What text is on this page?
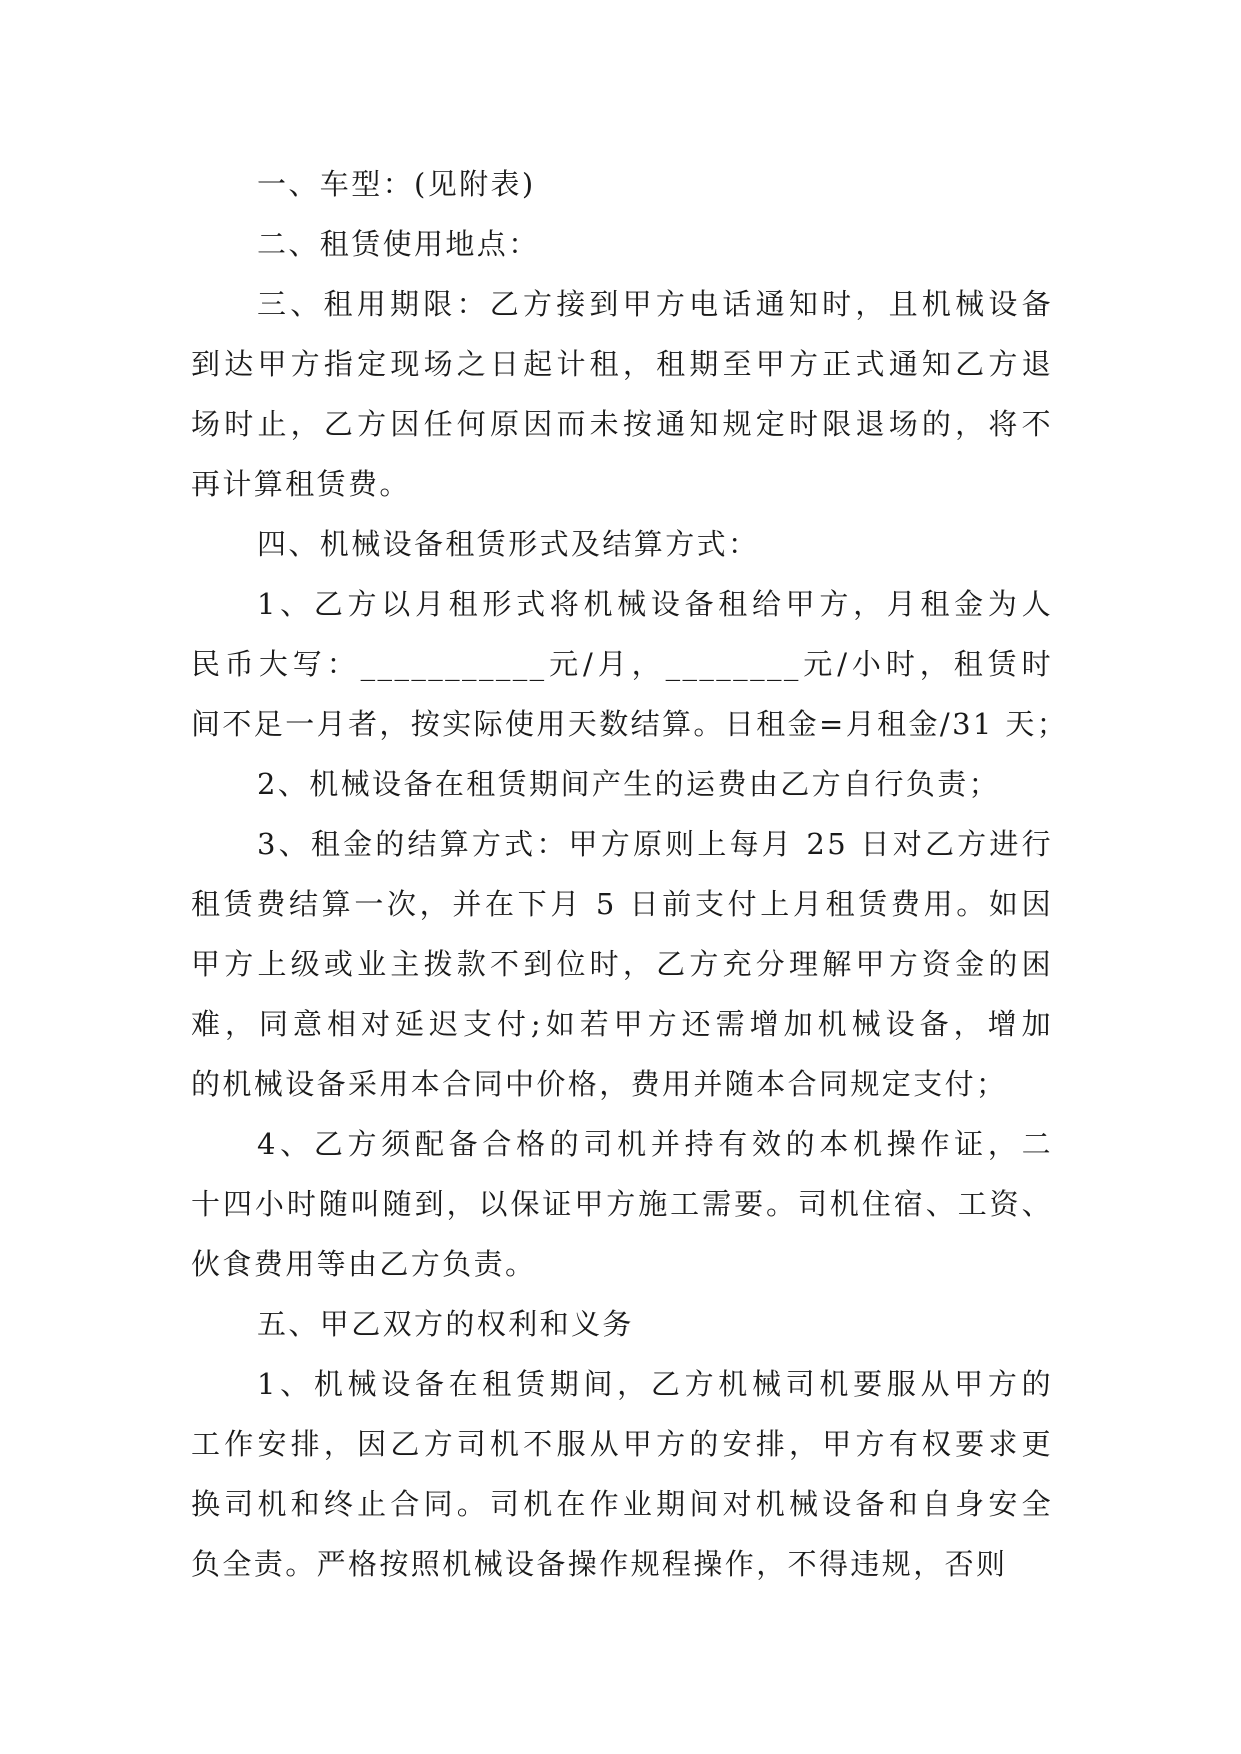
一、车型：(见附表)
二、租赁使用地点：
三、租用期限：乙方接到甲方电话通知时，且机械设备
到达甲方指定现场之日起计租，租期至甲方正式通知乙方退
场时止，乙方因任何原因而未按通知规定时限退场的，将不
再计算租赁费。
四、机械设备租赁形式及结算方式：
1、乙方以月租形式将机械设备租给甲方，月租金为人
民币大写：___________元/月，________元/小时，租赁时
间不足一月者，按实际使用天数结算。日租金=月租金/31 天；
2、机械设备在租赁期间产生的运费由乙方自行负责；
3、租金的结算方式：甲方原则上每月 25 日对乙方进行
租赁费结算一次，并在下月 5 日前支付上月租赁费用。如因
甲方上级或业主拨款不到位时，乙方充分理解甲方资金的困
难，同意相对延迟支付;如若甲方还需增加机械设备，增加
的机械设备采用本合同中价格，费用并随本合同规定支付；
4、乙方须配备合格的司机并持有效的本机操作证，二
十四小时随叫随到，以保证甲方施工需要。司机住宿、工资、
伙食费用等由乙方负责。
五、甲乙双方的权利和义务
1、机械设备在租赁期间，乙方机械司机要服从甲方的
工作安排，因乙方司机不服从甲方的安排，甲方有权要求更
换司机和终止合同。司机在作业期间对机械设备和自身安全
负全责。严格按照机械设备操作规程操作，不得违规，否则
